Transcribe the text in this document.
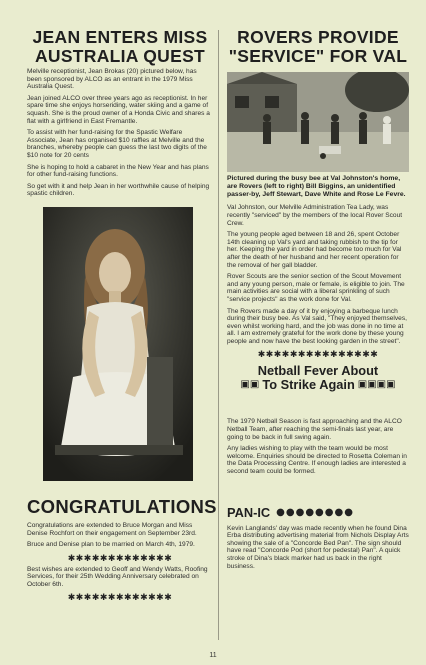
JEAN ENTERS MISS
AUSTRALIA QUEST

Melville receptionist, Jean Brokas (20) pictured below, has been sponsored by ALCO as an entrant in the 1979 Miss Australia Quest.

Jean joined ALCO over three years ago as receptionist. In her spare time she enjoys horseriding, water skiing and a game of squash. She is the proud owner of a Honda Civic and shares a flat with a girlfriend in East Fremantle.

To assist with her fund-raising for the Spastic Welfare Associate, Jean has organised $10 raffles at Melville and the branches, whereby people can guess the last two digits of the $10 note for 20 cents

She is hoping to hold a cabaret in the New Year and has plans for other fund-raising functions.

So get with it and help Jean in her worthwhile cause of helping spastic children.

CONGRATULATIONS

Congratulations are extended to Bruce Morgan and Miss Denise Rochfort on their engagement on September 23rd.

Bruce and Denise plan to be married on March 4th, 1979.

✱✱✱✱✱✱✱✱✱✱✱✱✱

Best wishes are extended to Geoff and Wendy Watts, Roofing Services, for their 25th Wedding Anniversary celebrated on October 6th.

✱✱✱✱✱✱✱✱✱✱✱✱✱
ROVERS PROVIDE
"SERVICE" FOR VAL

Pictured during the busy bee at Val Johnston's home, are Rovers (left to right) Bill Biggins, an unidentified passer-by, Jeff Stewart, Dave White and Rose Le Fevre.

Val Johnston, our Melville Administration Tea Lady, was recently "serviced" by the members of the local Rover Scout Crew.

The young people aged between 18 and 26, spent October 14th cleaning up Val's yard and taking rubbish to the tip for her. Keeping the yard in order had become too much for Val after the death of her husband and her recent operation for the removal of her gall bladder.

Rover Scouts are the senior section of the Scout Movement and any young person, male or female, is eligible to join. The main activities are social with a liberal sprinkling of such "service projects" as the work done for Val.

The Rovers made a day of it by enjoying a barbeque lunch during their busy bee. As Val said, "They enjoyed themselves, even whilst working hard, and the job was done in no time at all. I am extremely grateful for the work done by these young people and now have the best looking garden in the street".

✱✱✱✱✱✱✱✱✱✱✱✱✱✱✱
Netball Fever About
▣▣ To Strike Again ▣▣▣▣

The 1979 Netball Season is fast approaching and the ALCO Netball Team, after reaching the semi-finals last year, are going to be back in full swing again.

Any ladies wishing to play with the team would be most welcome. Enquiries should be directed to Rosetta Coleman in the Data Processing Centre. If enough ladies are interested a second team could be formed.

PAN-IC ●●●●●●●●

Kevin Langlands' day was made recently when he found Dina Erba distributing advertising material from Nichols Display Arts showing the sale of a "Concorde Bed Pan". The sign should have read "Concorde Pod (short for pedestal) Pan". A quick stroke of Dina's black marker had us back in the right business.

11
